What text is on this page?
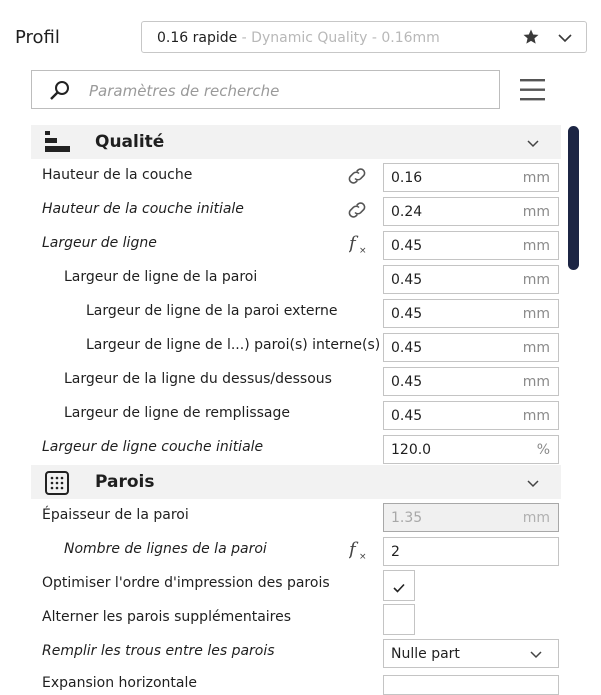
Profil	0.16 rapide - Dynamic Quality - 0.16mm
Paramètres de recherche
Qualité
Hauteur de la couche	0.16	mm
Hauteur de la couche initiale	0.24	mm
Largeur de ligne	f × 0.45	mm
Largeur de ligne de la paroi	0.45	mm
Largeur de ligne de la paroi externe	0.45	mm
Largeur de ligne de l...) paroi(s) interne(s) 0.45	mm
Largeur de la ligne du dessus/dessous	0.45	mm
Largeur de ligne de remplissage	0.45	mm
Largeur de ligne couche initiale	120.0	%
Parois
Épaisseur de la paroi	1.35	mm
Nombre de lignes de la paroi	f × 2
Optimiser l'ordre d'impression des parois
Alterner les parois supplémentaires
Remplir les trous entre les parois	Nulle part
Expansion horizontale
